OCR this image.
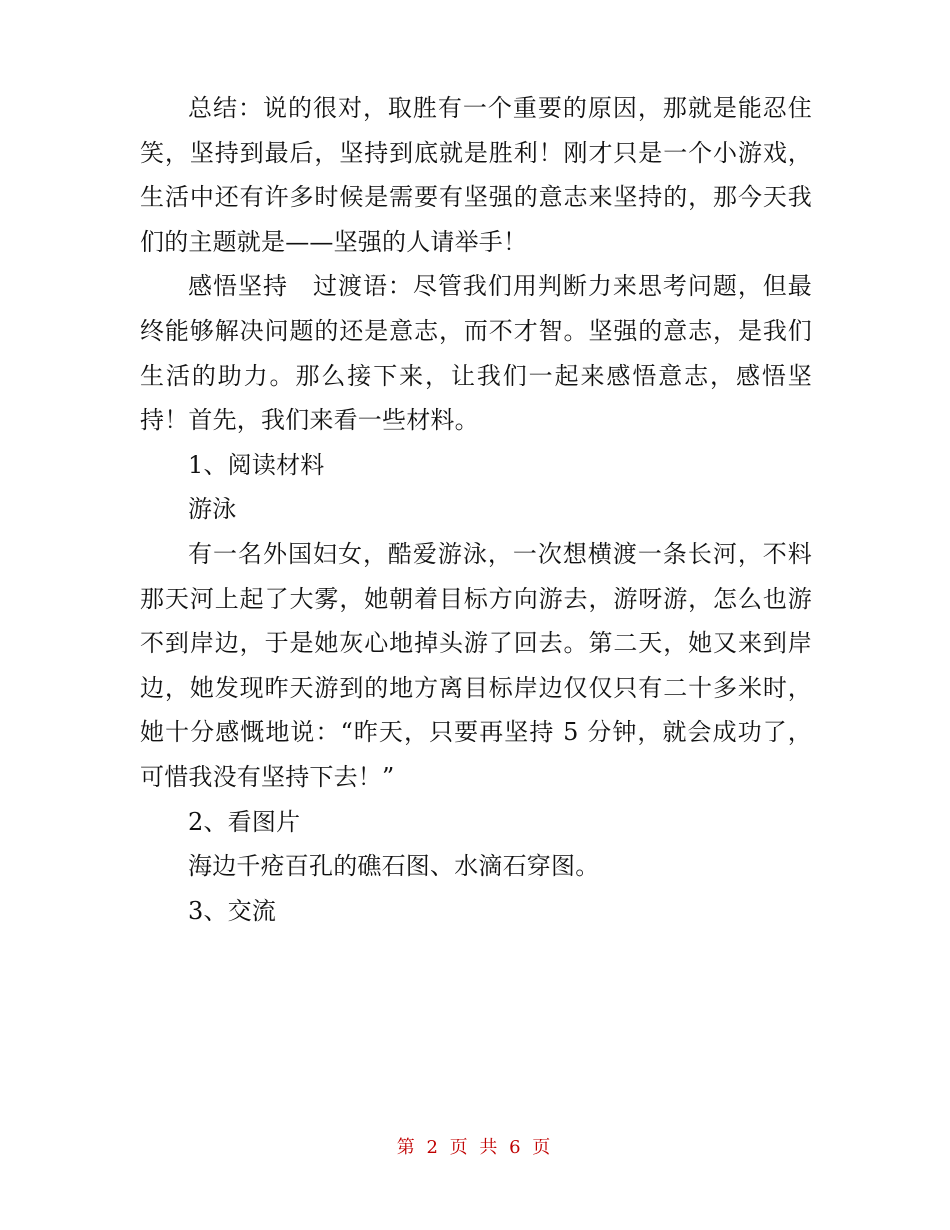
总结：说的很对，取胜有一个重要的原因，那就是能忍住笑，坚持到最后，坚持到底就是胜利！刚才只是一个小游戏，生活中还有许多时候是需要有坚强的意志来坚持的，那今天我们的主题就是——坚强的人请举手！

感悟坚持　过渡语：尽管我们用判断力来思考问题，但最终能够解决问题的还是意志，而不才智。坚强的意志，是我们生活的助力。那么接下来，让我们一起来感悟意志，感悟坚持！首先，我们来看一些材料。

1、阅读材料

游泳

有一名外国妇女，酷爱游泳，一次想横渡一条长河，不料那天河上起了大雾，她朝着目标方向游去，游呀游，怎么也游不到岸边，于是她灰心地掉头游了回去。第二天，她又来到岸边，她发现昨天游到的地方离目标岸边仅仅只有二十多米时，她十分感慨地说：“昨天，只要再坚持 5 分钟，就会成功了，可惜我没有坚持下去！”

2、看图片

海边千疮百孔的礁石图、水滴石穿图。

3、交流

第 2 页 共 6 页
